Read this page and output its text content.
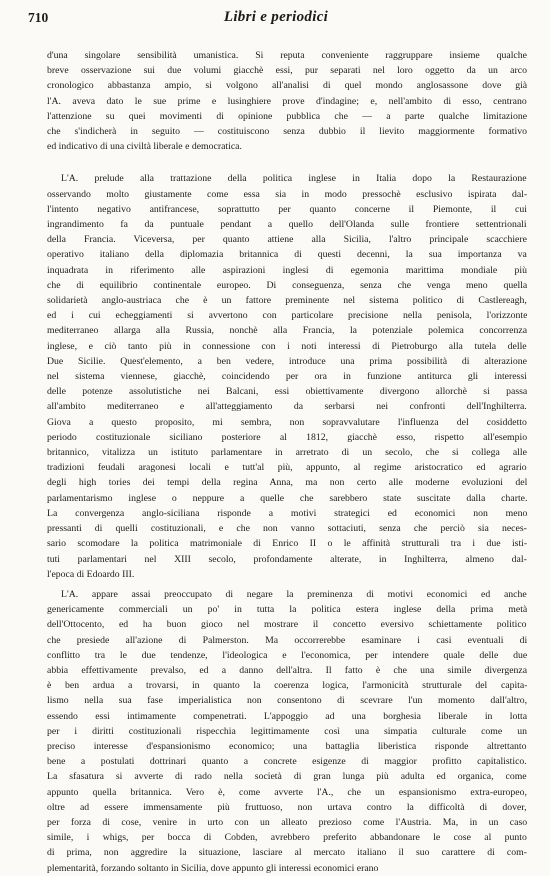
710	Libri e periodici
d'una singolare sensibilità umanistica. Si reputa conveniente raggruppare insieme qualche
breve osservazione sui due volumi giacchè essi, pur separati nel loro oggetto da un arco
cronologico abbastanza ampio, si volgono all'analisi di quel mondo anglosassone dove già
l'A. aveva dato le sue prime e lusinghiere prove d'indagine; e, nell'ambito di esso, centrano
l'attenzione su quei movimenti di opinione pubblica che — a parte qualche limitazione
che s'indicherà in seguito — costituiscono senza dubbio il lievito maggiormente formativo
ed indicativo di una civiltà liberale e democratica.
L'A. prelude alla trattazione della politica inglese in Italia dopo la Restaurazione
osservando molto giustamente come essa sia in modo pressochè esclusivo ispirata dal-
l'intento negativo antifrancese, soprattutto per quanto concerne il Piemonte, il cui
ingrandimento fa da puntuale pendant a quello dell'Olanda sulle frontiere settentrionali
della Francia. Viceversa, per quanto attiene alla Sicilia, l'altro principale scacchiere
operativo italiano della diplomazia britannica di questi decenni, la sua importanza va
inquadrata in riferimento alle aspirazioni inglesi di egemonia marittima mondiale più
che di equilibrio continentale europeo. Di conseguenza, senza che venga meno quella
solidarietà anglo-austriaca che è un fattore preminente nel sistema politico di Castlereagh,
ed i cui echeggiamenti si avvertono con particolare precisione nella penisola, l'orizzonte
mediterraneo allarga alla Russia, nonchè alla Francia, la potenziale polemica concorrenza
inglese, e ciò tanto più in connessione con i noti interessi di Pietroburgo alla tutela delle
Due Sicilie. Quest'elemento, a ben vedere, introduce una prima possibilità di alterazione
nel sistema viennese, giacchè, coincidendo per ora in funzione antiturca gli interessi
delle potenze assolutistiche nei Balcani, essi obiettivamente divergono allorchè si passa
all'ambito mediterraneo e all'atteggiamento da serbarsi nei confronti dell'Inghilterra.
Giova a questo proposito, mi sembra, non sopravvalutare l'influenza del cosiddetto
periodo costituzionale siciliano posteriore al 1812, giacchè esso, rispetto all'esempio
britannico, vitalizza un istituto parlamentare in arretrato di un secolo, che si collega alle
tradizioni feudali aragonesi locali e tutt'al più, appunto, al regime aristocratico ed agrario
degli high tories dei tempi della regina Anna, ma non certo alle moderne evoluzioni del
parlamentarismo inglese o neppure a quelle che sarebbero state suscitate dalla charte.
La convergenza anglo-siciliana risponde a motivi strategici ed economici non meno
pressanti di quelli costituzionali, e che non vanno sottaciuti, senza che perciò sia neces-
sario scomodare la politica matrimoniale di Enrico II o le affinità strutturali tra i due isti-
tuti parlamentari nel XIII secolo, profondamente alterate, in Inghilterra, almeno dal-
l'epoca di Edoardo III.
L'A. appare assai preoccupato di negare la preminenza di motivi economici ed anche
genericamente commerciali un po' in tutta la politica estera inglese della prima metà
dell'Ottocento, ed ha buon gioco nel mostrare il concetto eversivo schiettamente politico
che presiede all'azione di Palmerston. Ma occorrerebbe esaminare i casi eventuali di
conflitto tra le due tendenze, l'ideologica e l'economica, per intendere quale delle due
abbia effettivamente prevalso, ed a danno dell'altra. Il fatto è che una simile divergenza
è ben ardua a trovarsi, in quanto la coerenza logica, l'armonicità strutturale del capita-
lismo nella sua fase imperialistica non consentono di scevrare l'un momento dall'altro,
essendo essi intimamente compenetrati. L'appoggio ad una borghesia liberale in lotta
per i diritti costituzionali rispecchia legittimamente così una simpatia culturale come un
preciso interesse d'espansionismo economico; una battaglia liberistica risponde altrettanto
bene a postulati dottrinari quanto a concrete esigenze di maggior profitto capitalistico.
La sfasatura si avverte di rado nella società di gran lunga più adulta ed organica, come
appunto quella britannica. Vero è, come avverte l'A., che un espansionismo extra-europeo,
oltre ad essere immensamente più fruttuoso, non urtava contro la difficoltà di dover,
per forza di cose, venire in urto con un alleato prezioso come l'Austria. Ma, in un caso
simile, i whigs, per bocca di Cobden, avrebbero preferito abbandonare le cose al punto
di prima, non aggredire la situazione, lasciare al mercato italiano il suo carattere di com-
plementarità, forzando soltanto in Sicilia, dove appunto gli interessi economici erano
